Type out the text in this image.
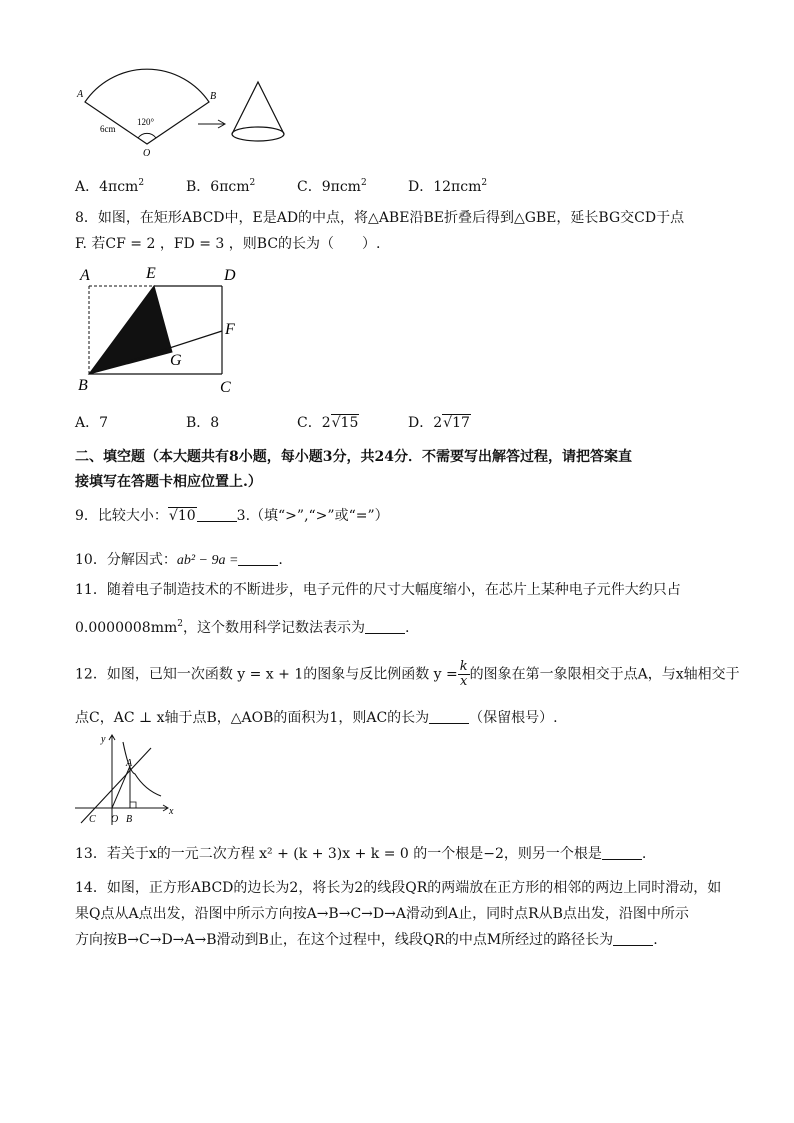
A	B
O
6cm
120°
A．4πcm$^2$	B．6πcm$^2$	C．9πcm$^2$	D．12πcm$^2$
8．如图，在矩形ABCD中，E是AD的中点，将△ABE沿BE折叠后得到△GBE，延长BG交CD于点
F. 若CF = 2 ，FD = 3 ，则BC的长为（　　）.
A	E	D
F
G
B	C
A．7	B．8	C．2√15	D．2√17
二、填空题（本大题共有8小题，每小题3分，共24分．不需要写出解答过程，请把答案直
接填写在答题卡相应位置上.）
9．比较大小：√10	3.（填“>”,“>”或“=”）
10．分解因式：ab² − 9a =	.
11．随着电子制造技术的不断进步，电子元件的尺寸大幅度缩小，在芯片上某种电子元件大约只占
$0.0000008mm^2$，这个数用科学记数法表示为	.
12．如图，已知一次函数 y = x + 1的图象与反比例函数 $y = \frac{k}{x}$ 的图象在第一象限相交于点A，与x轴相交于
点C，AC ⊥ x轴于点B，△AOB的面积为1，则AC的长为	（保留根号）.
y
x
A
C O B
13．若关于x的一元二次方程 x² + (k + 3)x + k = 0 的一个根是−2，则另一个根是	.
14．如图，正方形ABCD的边长为2，将长为2的线段QR的两端放在正方形的相邻的两边上同时滑动，如
果Q点从A点出发，沿图中所示方向按A→B→C→D→A滑动到A止，同时点R从B点出发，沿图中所示
方向按B→C→D→A→B滑动到B止，在这个过程中，线段QR的中点M所经过的路径长为	.
